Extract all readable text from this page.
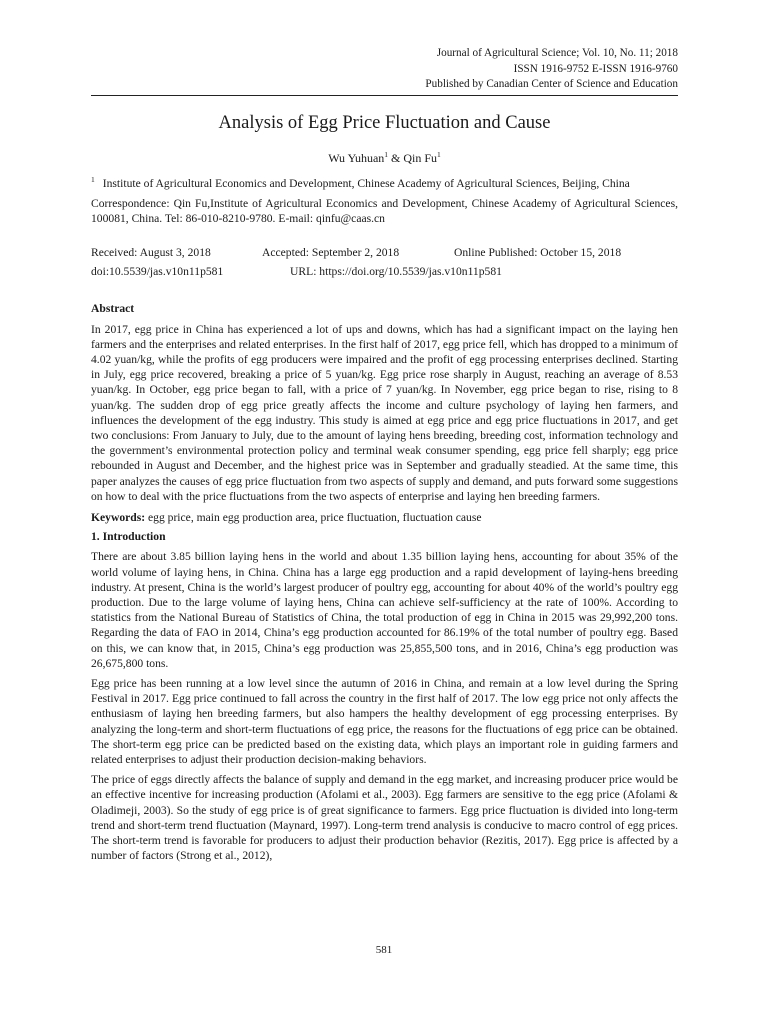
Journal of Agricultural Science; Vol. 10, No. 11; 2018
ISSN 1916-9752 E-ISSN 1916-9760
Published by Canadian Center of Science and Education
Analysis of Egg Price Fluctuation and Cause
Wu Yuhuan$^1$ & Qin Fu$^1$

$^1$ Institute of Agricultural Economics and Development, Chinese Academy of Agricultural Sciences, Beijing, China

Correspondence: Qin Fu,Institute of Agricultural Economics and Development, Chinese Academy of Agricultural Sciences, 100081, China. Tel: 86-010-8210-9780. E-mail: qinfu@caas.cn

Received: August 3, 2018	Accepted: September 2, 2018	Online Published: October 15, 2018
doi:10.5539/jas.v10n11p581	URL: https://doi.org/10.5539/jas.v10n11p581

Abstract

In 2017, egg price in China has experienced a lot of ups and downs, which has had a significant impact on the laying hen farmers and the enterprises and related enterprises. In the first half of 2017, egg price fell, which has dropped to a minimum of 4.02 yuan/kg, while the profits of egg producers were impaired and the profit of egg processing enterprises declined. Starting in July, egg price recovered, breaking a price of 5 yuan/kg. Egg price rose sharply in August, reaching an average of 8.53 yuan/kg. In October, egg price began to fall, with a price of 7 yuan/kg. In November, egg price began to rise, rising to 8 yuan/kg. The sudden drop of egg price greatly affects the income and culture psychology of laying hen farmers, and influences the development of the egg industry. This study is aimed at egg price and egg price fluctuations in 2017, and get two conclusions: From January to July, due to the amount of laying hens breeding, breeding cost, information technology and the government’s environmental protection policy and terminal weak consumer spending, egg price fell sharply; egg price rebounded in August and December, and the highest price was in September and gradually steadied. At the same time, this paper analyzes the causes of egg price fluctuation from two aspects of supply and demand, and puts forward some suggestions on how to deal with the price fluctuations from the two aspects of enterprise and laying hen breeding farmers.

Keywords: egg price, main egg production area, price fluctuation, fluctuation cause

1. Introduction

There are about 3.85 billion laying hens in the world and about 1.35 billion laying hens, accounting for about 35% of the world volume of laying hens, in China. China has a large egg production and a rapid development of laying-hens breeding industry. At present, China is the world’s largest producer of poultry egg, accounting for about 40% of the world’s poultry egg production. Due to the large volume of laying hens, China can achieve self-sufficiency at the rate of 100%. According to statistics from the National Bureau of Statistics of China, the total production of egg in China in 2015 was 29,992,200 tons. Regarding the data of FAO in 2014, China’s egg production accounted for 86.19% of the total number of poultry egg. Based on this, we can know that, in 2015, China’s egg production was 25,855,500 tons, and in 2016, China’s egg production was 26,675,800 tons.

Egg price has been running at a low level since the autumn of 2016 in China, and remain at a low level during the Spring Festival in 2017. Egg price continued to fall across the country in the first half of 2017. The low egg price not only affects the enthusiasm of laying hen breeding farmers, but also hampers the healthy development of egg processing enterprises. By analyzing the long-term and short-term fluctuations of egg price, the reasons for the fluctuations of egg price can be obtained. The short-term egg price can be predicted based on the existing data, which plays an important role in guiding farmers and related enterprises to adjust their production decision-making behaviors.

The price of eggs directly affects the balance of supply and demand in the egg market, and increasing producer price would be an effective incentive for increasing production (Afolami et al., 2003). Egg farmers are sensitive to the egg price (Afolami & Oladimeji, 2003). So the study of egg price is of great significance to farmers. Egg price fluctuation is divided into long-term trend and short-term trend fluctuation (Maynard, 1997). Long-term trend analysis is conducive to macro control of egg prices. The short-term trend is favorable for producers to adjust their production behavior (Rezitis, 2017). Egg price is affected by a number of factors (Strong et al., 2012),

581
